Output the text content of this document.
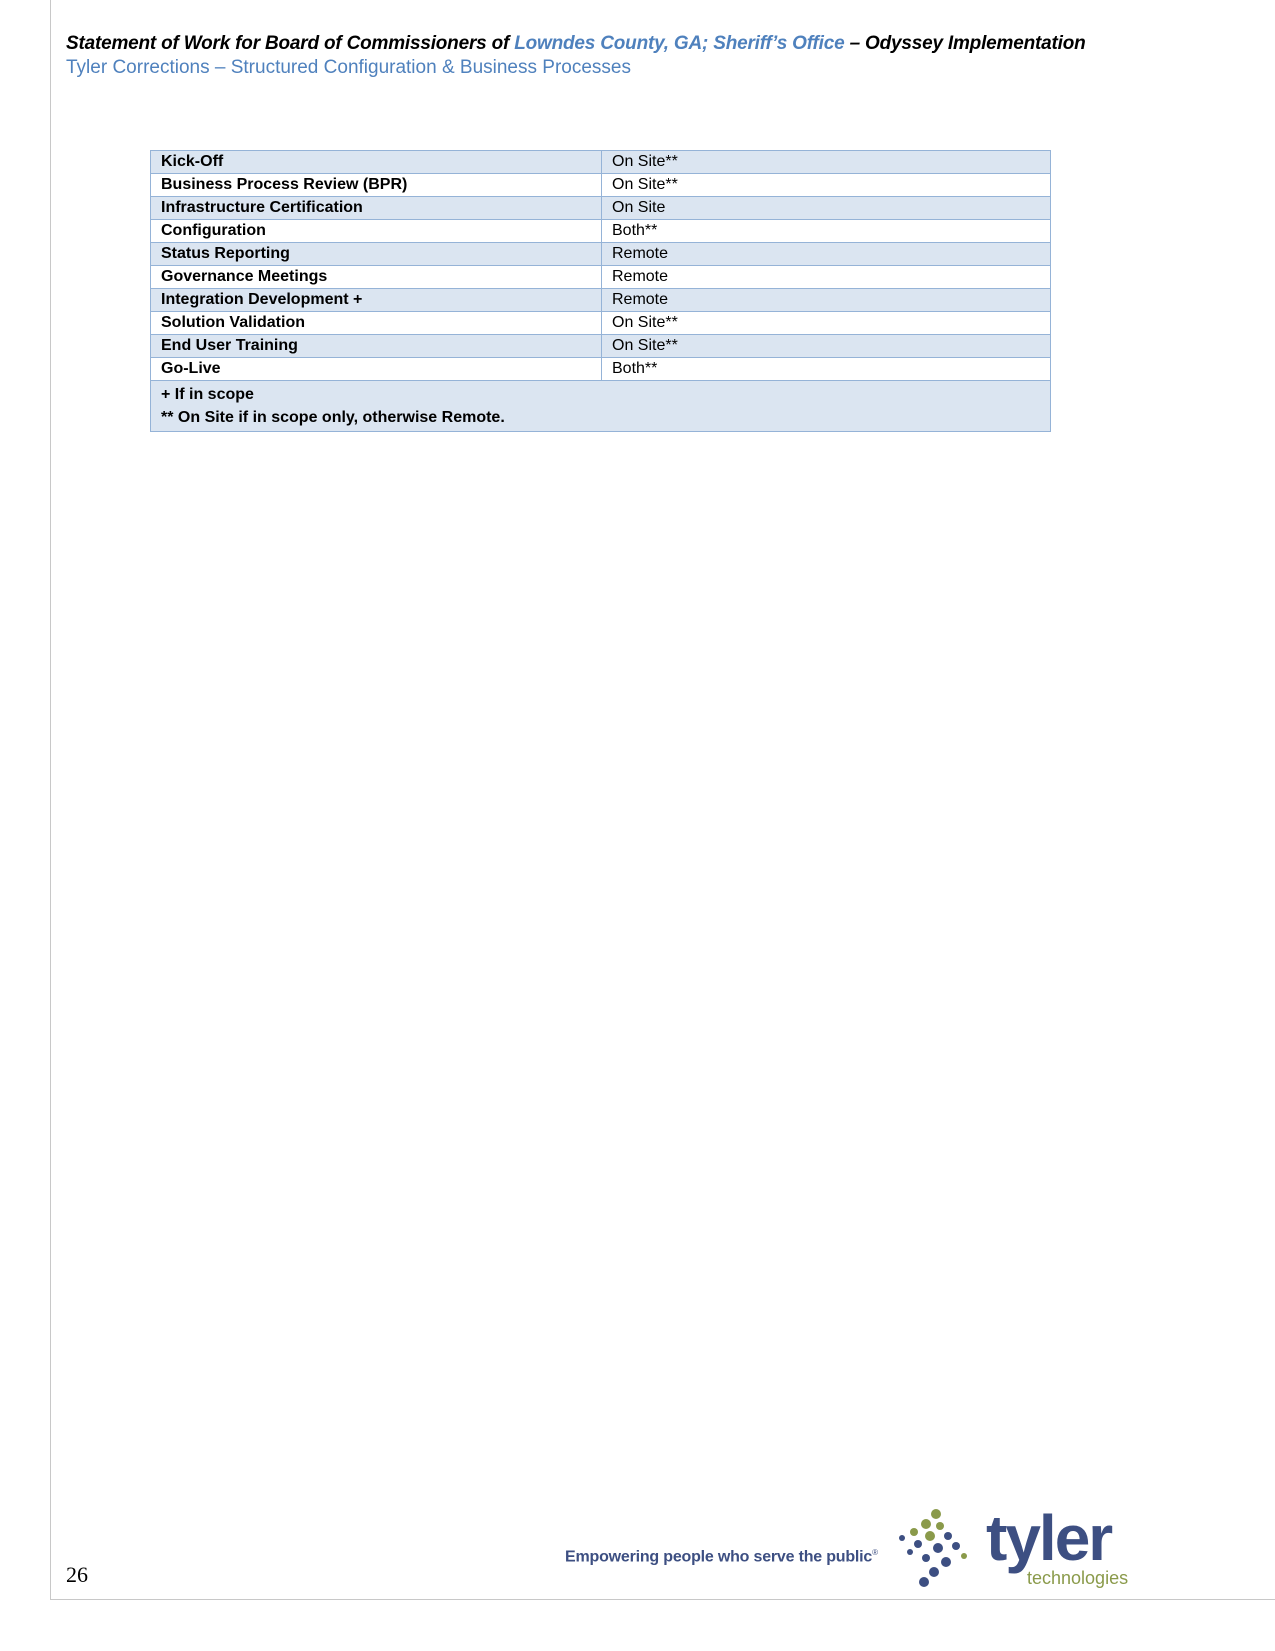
Statement of Work for Board of Commissioners of Lowndes County, GA; Sheriff’s Office – Odyssey Implementation
Tyler Corrections – Structured Configuration & Business Processes
Kick-Off	On Site**
Business Process Review (BPR)	On Site**
Infrastructure Certification	On Site
Configuration	Both**
Status Reporting	Remote
Governance Meetings	Remote
Integration Development +	Remote
Solution Validation	On Site**
End User Training	On Site**
Go-Live	Both**

+ If in scope
** On Site if in scope only, otherwise Remote.	
26
Empowering people who serve the public® tyler
technologies
